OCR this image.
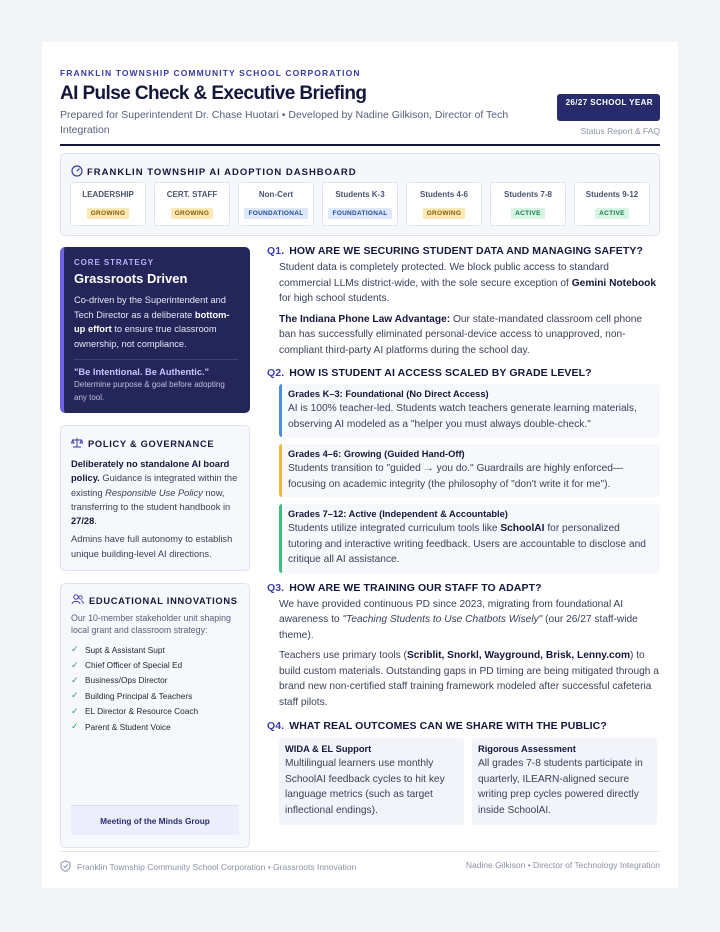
FRANKLIN TOWNSHIP COMMUNITY SCHOOL CORPORATION
AI Pulse Check & Executive Briefing
Prepared for Superintendent Dr. Chase Huotari • Developed by Nadine Gilkison, Director of Tech Integration
26/27 SCHOOL YEAR
Status Report & FAQ
FRANKLIN TOWNSHIP AI ADOPTION DASHBOARD
LEADERSHIP
GROWING
CERT. STAFF
GROWING
Non-Cert
FOUNDATIONAL
Students K-3
FOUNDATIONAL
Students 4-6
GROWING
Students 7-8
ACTIVE
Students 9-12
ACTIVE
CORE STRATEGY
Grassroots Driven
Co-driven by the Superintendent and Tech Director as a deliberate bottom-up effort to ensure true classroom ownership, not compliance.
"Be Intentional. Be Authentic."
Determine purpose & goal before adopting any tool.
POLICY & GOVERNANCE
Deliberately no standalone AI board policy. Guidance is integrated within the existing Responsible Use Policy now, transferring to the student handbook in 27/28.
Admins have full autonomy to establish unique building-level AI directions.
EDUCATIONAL INNOVATIONS
Our 10-member stakeholder unit shaping local grant and classroom strategy:
✓ Supt & Assistant Supt
✓ Chief Officer of Special Ed
✓ Business/Ops Director
✓ Building Principal & Teachers
✓ EL Director & Resource Coach
✓ Parent & Student Voice
Meeting of the Minds Group
Q1. HOW ARE WE SECURING STUDENT DATA AND MANAGING SAFETY?
Student data is completely protected. We block public access to standard commercial LLMs district-wide, with the sole secure exception of Gemini Notebook for high school students.
The Indiana Phone Law Advantage: Our state-mandated classroom cell phone ban has successfully eliminated personal-device access to unapproved, non-compliant third-party AI platforms during the school day.
Q2. HOW IS STUDENT AI ACCESS SCALED BY GRADE LEVEL?
Grades K–3: Foundational (No Direct Access)
AI is 100% teacher-led. Students watch teachers generate learning materials, observing AI modeled as a "helper you must always double-check."
Grades 4–6: Growing (Guided Hand-Off)
Students transition to "guided → you do." Guardrails are highly enforced—focusing on academic integrity (the philosophy of "don't write it for me").
Grades 7–12: Active (Independent & Accountable)
Students utilize integrated curriculum tools like SchoolAI for personalized tutoring and interactive writing feedback. Users are accountable to disclose and critique all AI assistance.
Q3. HOW ARE WE TRAINING OUR STAFF TO ADAPT?
We have provided continuous PD since 2023, migrating from foundational AI awareness to "Teaching Students to Use Chatbots Wisely" (our 26/27 staff-wide theme).
Teachers use primary tools (Scriblit, Snorkl, Wayground, Brisk, Lenny.com) to build custom materials. Outstanding gaps in PD timing are being mitigated through a brand new non-certified staff training framework modeled after successful cafeteria staff pilots.
Q4. WHAT REAL OUTCOMES CAN WE SHARE WITH THE PUBLIC?
WIDA & EL Support
Multilingual learners use monthly SchoolAI feedback cycles to hit key language metrics (such as target inflectional endings).
Rigorous Assessment
All grades 7-8 students participate in quarterly, ILEARN-aligned secure writing prep cycles powered directly inside SchoolAI.
Franklin Township Community School Corporation • Grassroots Innovation	Nadine Gilkison • Director of Technology Integration
